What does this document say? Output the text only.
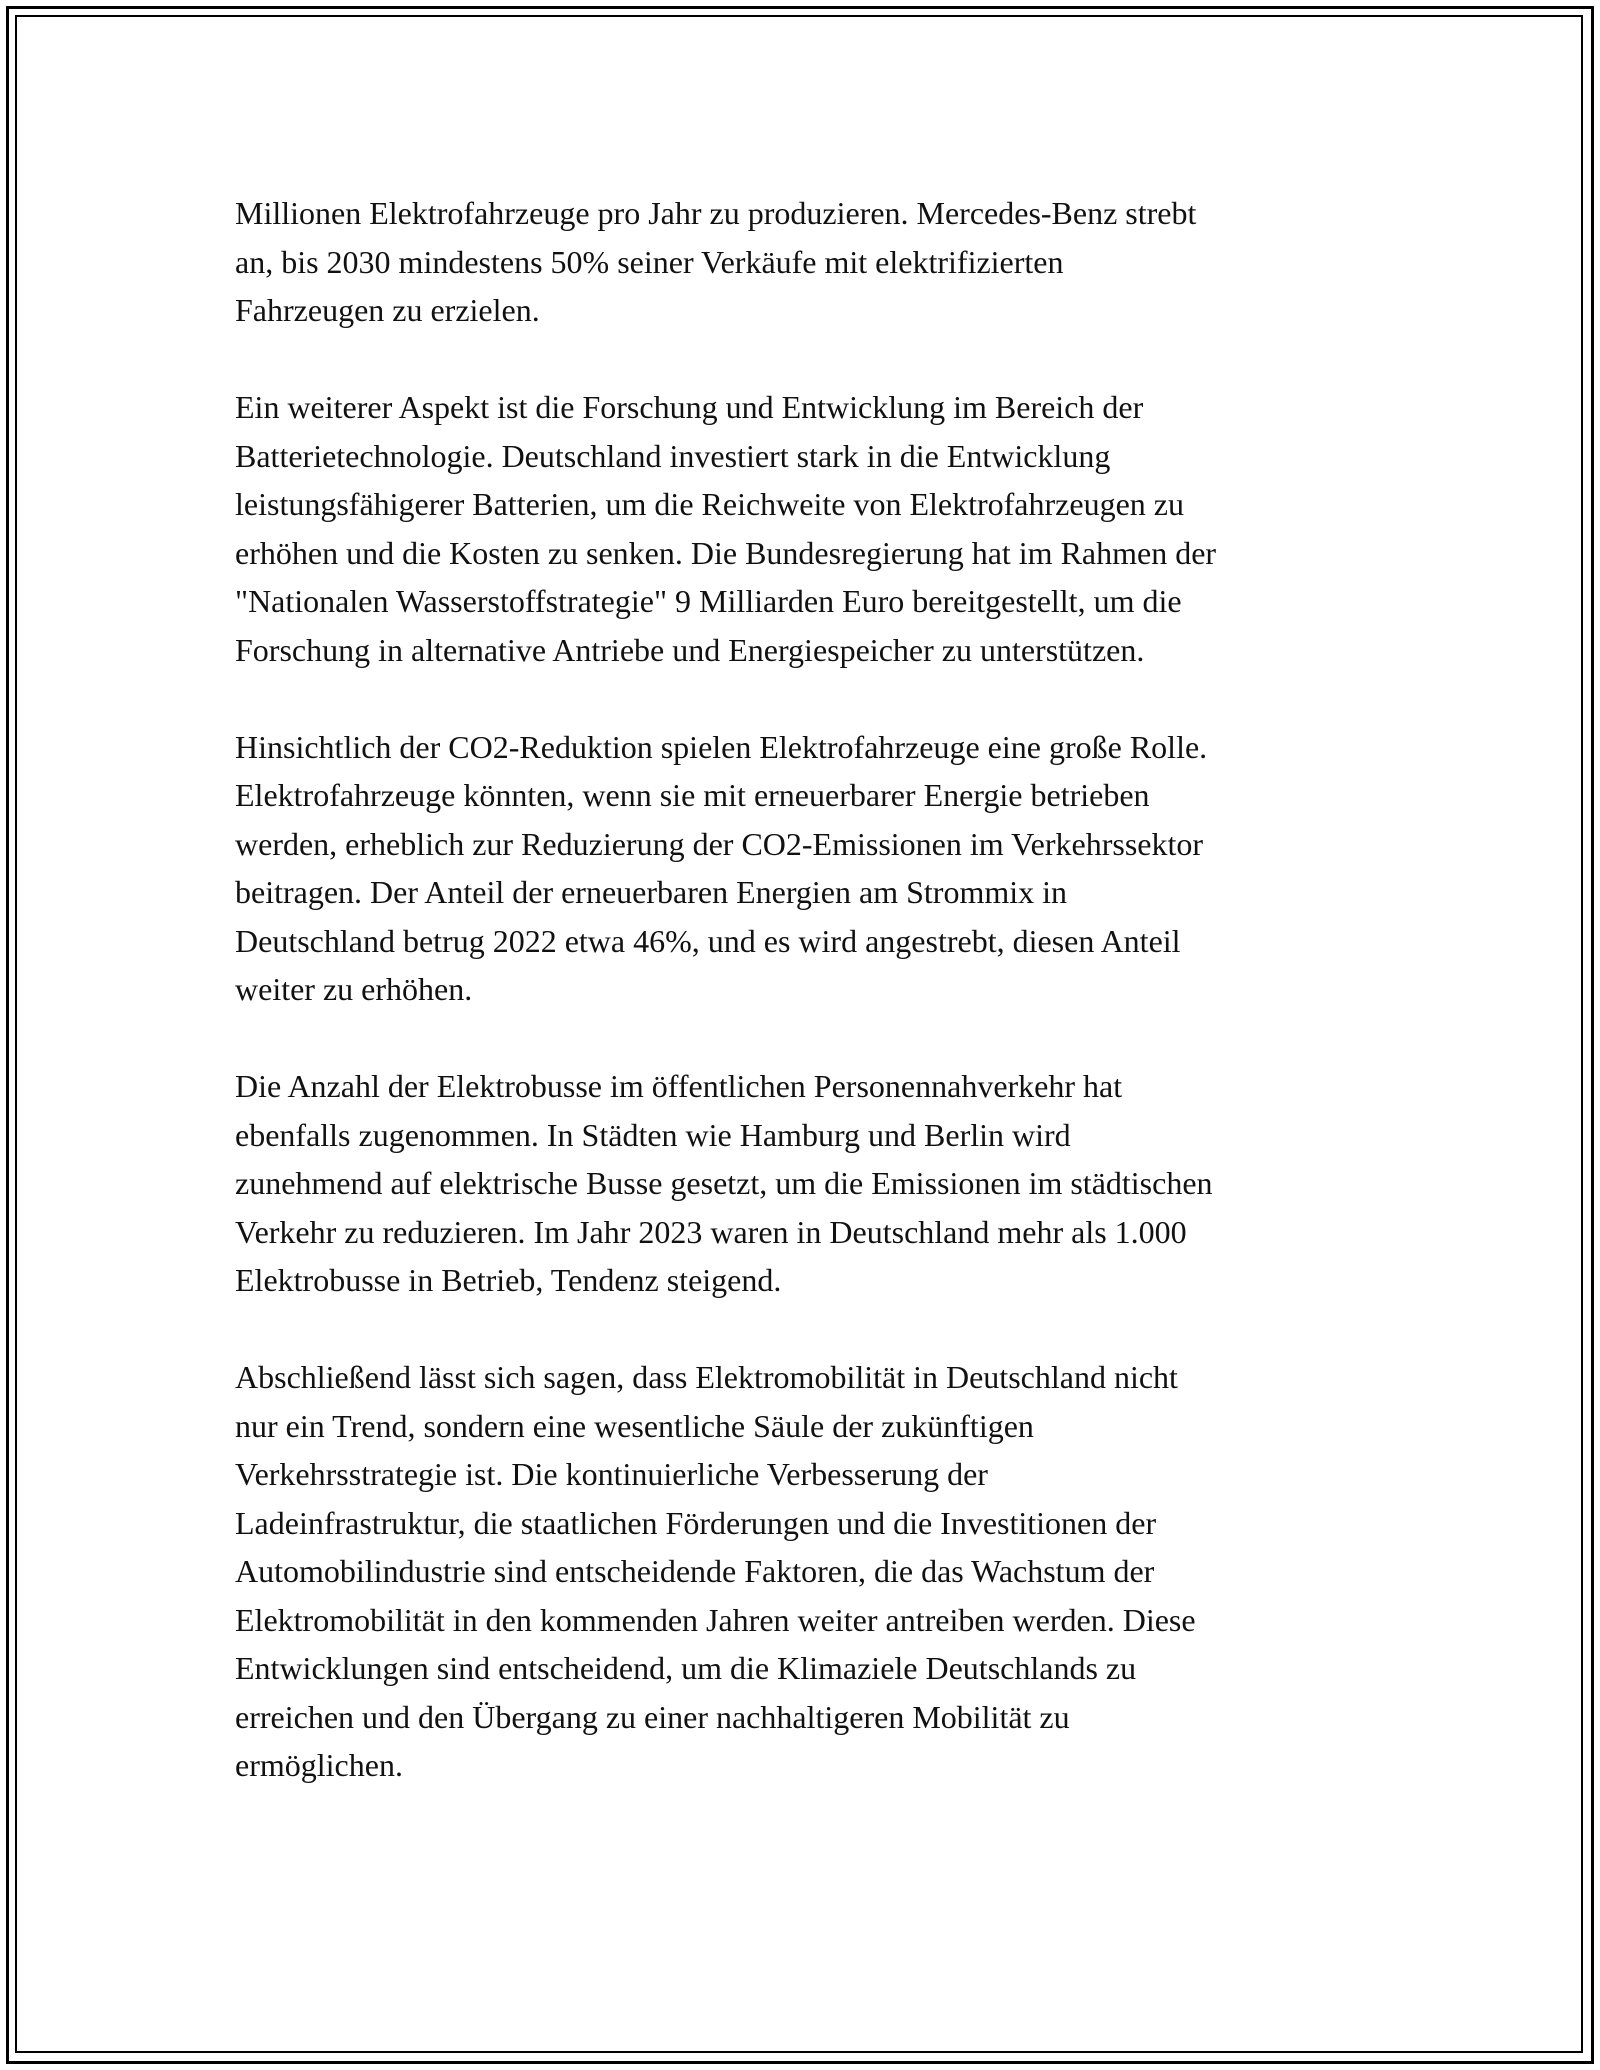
Millionen Elektrofahrzeuge pro Jahr zu produzieren. Mercedes-Benz strebt
an, bis 2030 mindestens 50% seiner Verkäufe mit elektrifizierten
Fahrzeugen zu erzielen.

Ein weiterer Aspekt ist die Forschung und Entwicklung im Bereich der
Batterietechnologie. Deutschland investiert stark in die Entwicklung
leistungsfähigerer Batterien, um die Reichweite von Elektrofahrzeugen zu
erhöhen und die Kosten zu senken. Die Bundesregierung hat im Rahmen der
"Nationalen Wasserstoffstrategie" 9 Milliarden Euro bereitgestellt, um die
Forschung in alternative Antriebe und Energiespeicher zu unterstützen.

Hinsichtlich der CO2-Reduktion spielen Elektrofahrzeuge eine große Rolle.
Elektrofahrzeuge könnten, wenn sie mit erneuerbarer Energie betrieben
werden, erheblich zur Reduzierung der CO2-Emissionen im Verkehrssektor
beitragen. Der Anteil der erneuerbaren Energien am Strommix in
Deutschland betrug 2022 etwa 46%, und es wird angestrebt, diesen Anteil
weiter zu erhöhen.

Die Anzahl der Elektrobusse im öffentlichen Personennahverkehr hat
ebenfalls zugenommen. In Städten wie Hamburg und Berlin wird
zunehmend auf elektrische Busse gesetzt, um die Emissionen im städtischen
Verkehr zu reduzieren. Im Jahr 2023 waren in Deutschland mehr als 1.000
Elektrobusse in Betrieb, Tendenz steigend.

Abschließend lässt sich sagen, dass Elektromobilität in Deutschland nicht
nur ein Trend, sondern eine wesentliche Säule der zukünftigen
Verkehrsstrategie ist. Die kontinuierliche Verbesserung der
Ladeinfrastruktur, die staatlichen Förderungen und die Investitionen der
Automobilindustrie sind entscheidende Faktoren, die das Wachstum der
Elektromobilität in den kommenden Jahren weiter antreiben werden. Diese
Entwicklungen sind entscheidend, um die Klimaziele Deutschlands zu
erreichen und den Übergang zu einer nachhaltigeren Mobilität zu
ermöglichen.
